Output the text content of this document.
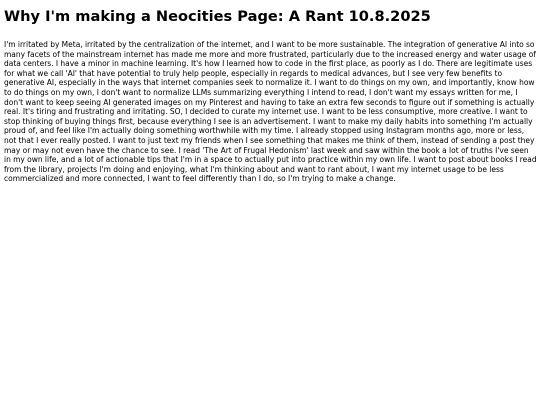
Why I'm making a Neocities Page: A Rant 10.8.2025

I'm irritated by Meta, irritated by the centralization of the internet, and I want to be more sustainable. The integration of generative AI into so many facets of the mainstream internet has made me more and more frustrated, particularly due to the increased energy and water usage of data centers. I have a minor in machine learning. It's how I learned how to code in the first place, as poorly as I do. There are legitimate uses for what we call 'AI' that have potential to truly help people, especially in regards to medical advances, but I see very few benefits to generative AI, especially in the ways that internet companies seek to normalize it. I want to do things on my own, and importantly, know how to do things on my own, I don't want to normalize LLMs summarizing everything I intend to read, I don't want my essays written for me, I don't want to keep seeing AI generated images on my Pinterest and having to take an extra few seconds to figure out if something is actually real. It's tiring and frustrating and irritating. SO, I decided to curate my internet use. I want to be less consumptive, more creative. I want to stop thinking of buying things first, because everything I see is an advertisement. I want to make my daily habits into something I'm actually proud of, and feel like I'm actually doing something worthwhile with my time. I already stopped using Instagram months ago, more or less, not that I ever really posted. I want to just text my friends when I see something that makes me think of them, instead of sending a post they may or may not even have the chance to see. I read 'The Art of Frugal Hedonism' last week and saw within the book a lot of truths I've seen in my own life, and a lot of actionable tips that I'm in a space to actually put into practice within my own life. I want to post about books I read from the library, projects I'm doing and enjoying, what I'm thinking about and want to rant about, I want my internet usage to be less commercialized and more connected, I want to feel differently than I do, so I'm trying to make a change.
